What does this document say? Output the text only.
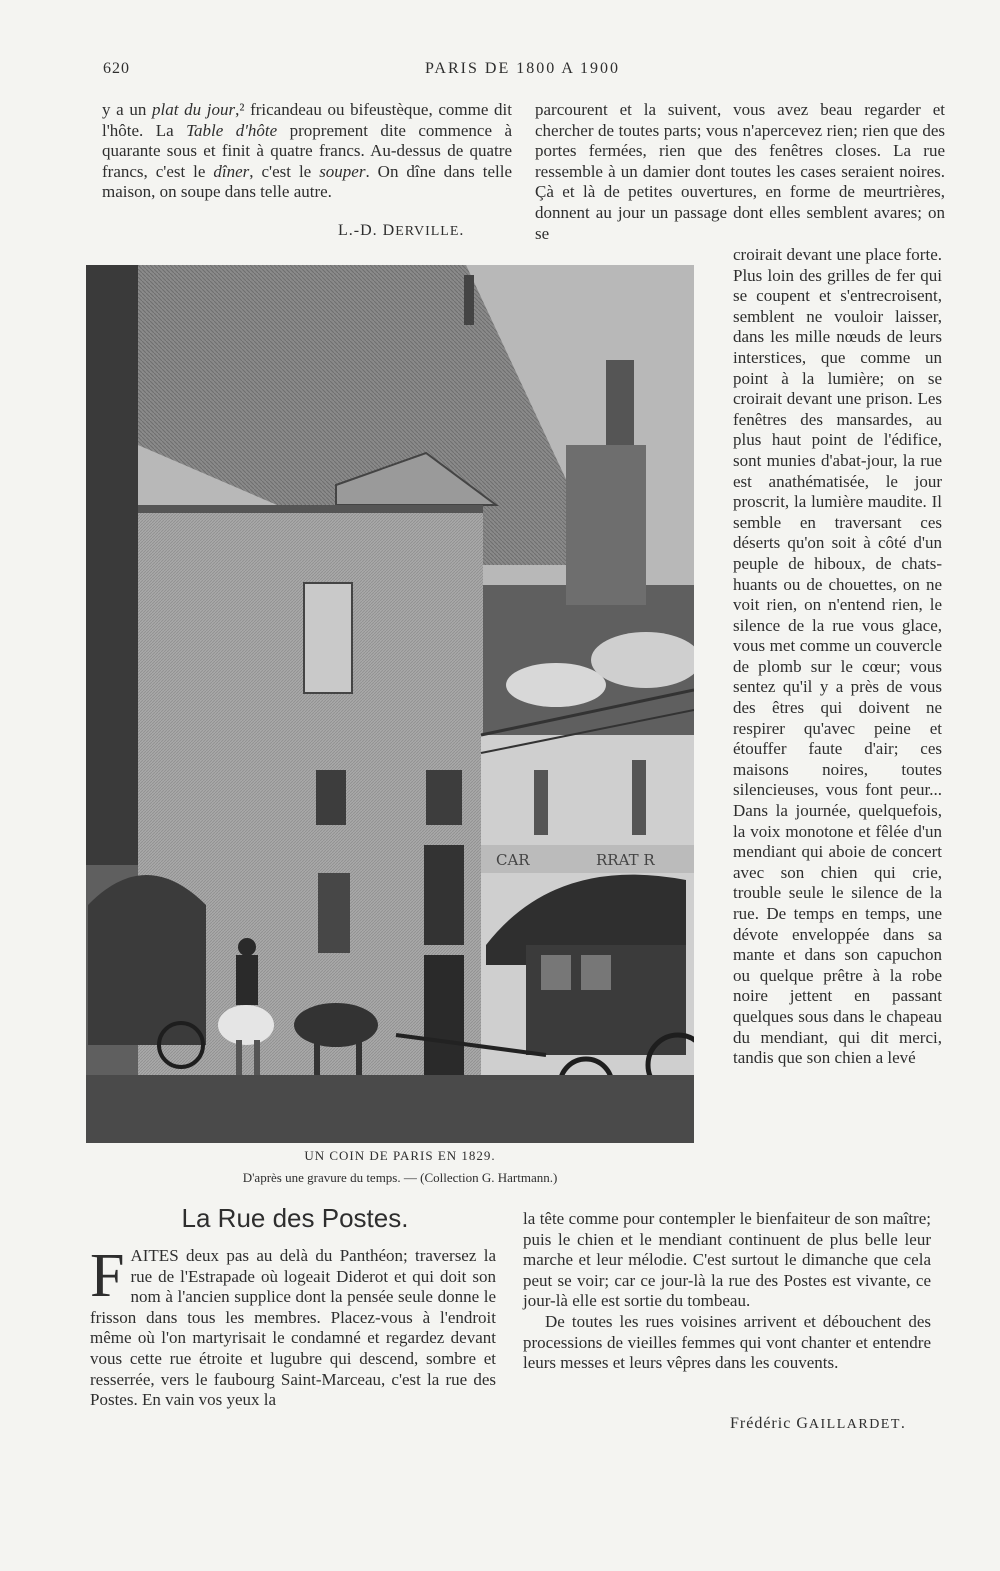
620	PARIS DE 1800 A 1900

y a un plat du jour,² fricandeau ou bifeustèque, comme dit l'hôte. La Table d'hôte proprement dite commence à quarante sous et finit à quatre francs. Au-dessus de quatre francs, c'est le dîner, c'est le souper. On dîne dans telle maison, on soupe dans telle autre.

L.-D. DERVILLE.

parcourent et la suivent, vous avez beau regarder et chercher de toutes parts; vous n'apercevez rien; rien que des portes fermées, rien que des fenêtres closes. La rue ressemble à un damier dont toutes les cases seraient noires. Çà et là de petites ouvertures, en forme de meurtrières, donnent au jour un passage dont elles semblent avares; on se

croirait devant une place forte. Plus loin des grilles de fer qui se coupent et s'entrecroisent, semblent ne vouloir laisser, dans les mille nœuds de leurs interstices, que comme un point à la lumière; on se croirait devant une prison. Les fenêtres des mansardes, au plus haut point de l'édifice, sont munies d'abat-jour, la rue est anathématisée, le jour proscrit, la lumière maudite. Il semble en traversant ces déserts qu'on soit à côté d'un peuple de hiboux, de chats-huants ou de chouettes, on ne voit rien, on n'entend rien, le silence de la rue vous glace, vous met comme un couvercle de plomb sur le cœur; vous sentez qu'il y a près de vous des êtres qui doivent ne respirer qu'avec peine et étouffer faute d'air; ces maisons noires, toutes silencieuses, vous font peur... Dans la journée, quelquefois, la voix monotone et fêlée d'un mendiant qui aboie de concert avec son chien qui crie, trouble seule le silence de la rue. De temps en temps, une dévote enveloppée dans sa mante et dans son capuchon ou quelque prêtre à la robe noire jettent en passant quelques sous dans le chapeau du mendiant, qui dit merci, tandis que son chien a levé

CAR	RRAT R
UN COIN DE PARIS EN 1829.
D'après une gravure du temps. — (Collection G. Hartmann.)
La Rue des Postes.

FAITES deux pas au delà du Panthéon; traversez la rue de l'Estrapade où logeait Diderot et qui doit son nom à l'ancien supplice dont la pensée seule donne le frisson dans tous les membres. Placez-vous à l'endroit même où l'on martyrisait le condamné et regardez devant vous cette rue étroite et lugubre qui descend, sombre et resserrée, vers le faubourg Saint-Marceau, c'est la rue des Postes. En vain vos yeux la

la tête comme pour contempler le bienfaiteur de son maître; puis le chien et le mendiant continuent de plus belle leur marche et leur mélodie. C'est surtout le dimanche que cela peut se voir; car ce jour-là la rue des Postes est vivante, ce jour-là elle est sortie du tombeau.

De toutes les rues voisines arrivent et débouchent des processions de vieilles femmes qui vont chanter et entendre leurs messes et leurs vêpres dans les couvents.

Frédéric GAILLARDET.
